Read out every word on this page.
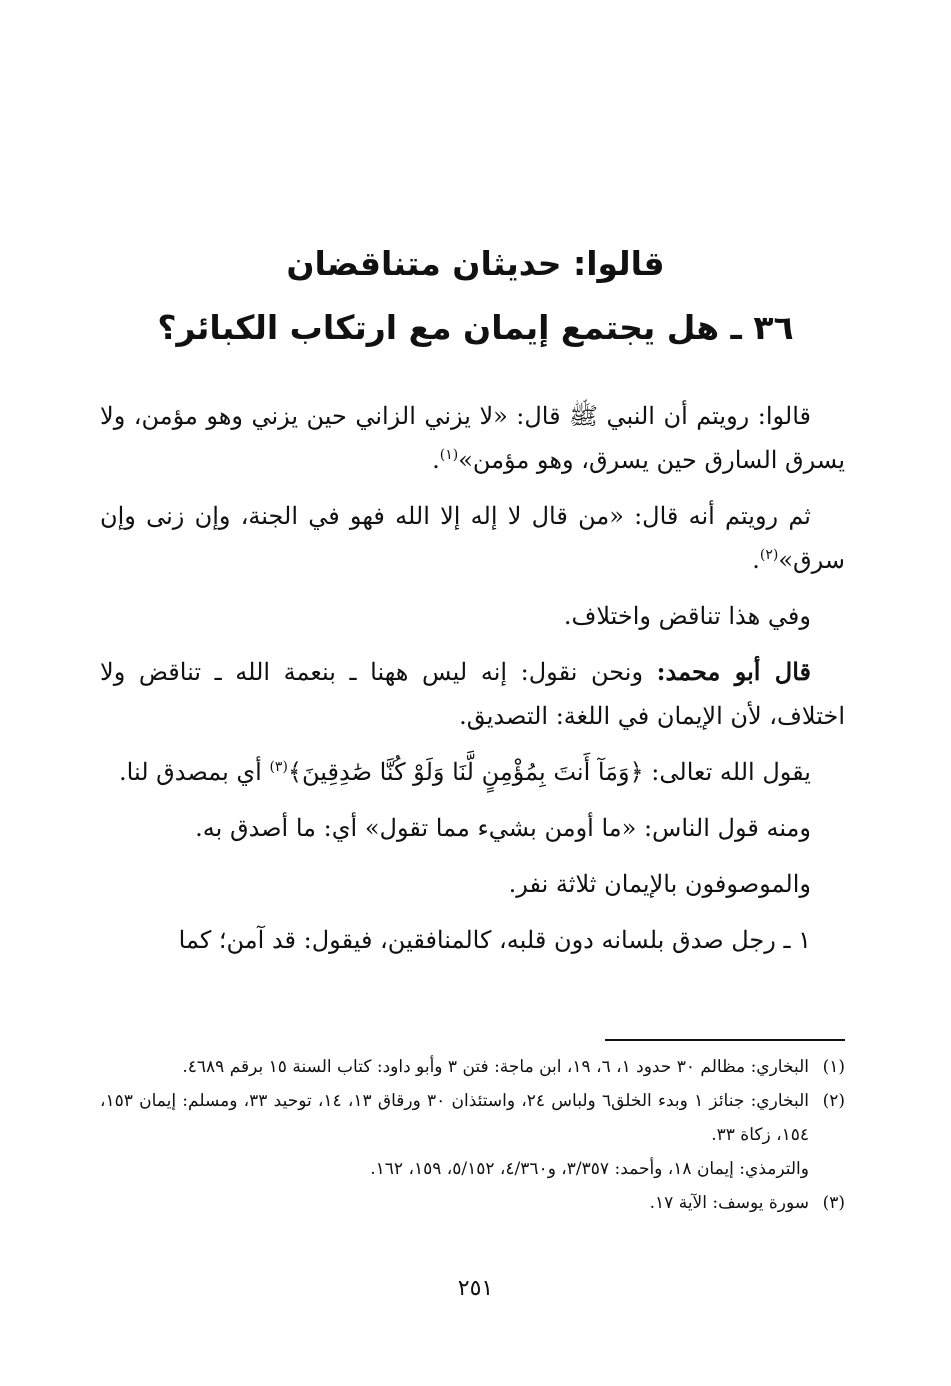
قالوا: حديثان متناقضان
٣٦ ـ هل يجتمع إيمان مع ارتكاب الكبائر؟

قالوا: رويتم أن النبي ﷺ قال: «لا يزني الزاني حين يزني وهو مؤمن، ولا يسرق السارق حين يسرق، وهو مؤمن»$^{(١)}$.

ثم رويتم أنه قال: «من قال لا إله إلا الله فهو في الجنة، وإن زنى وإن سرق»$^{(٢)}$.

وفي هذا تناقض واختلاف.

قال أبو محمد: ونحن نقول: إنه ليس ههنا ـ بنعمة الله ـ تناقض ولا اختلاف، لأن الإيمان في اللغة: التصديق.

يقول الله تعالى: ﴿وَمَآ أَنتَ بِمُؤْمِنٍ لَّنَا وَلَوْ كُنَّا صَٰدِقِينَ﴾$^{(٣)}$ أي بمصدق لنا.

ومنه قول الناس: «ما أومن بشيء مما تقول» أي: ما أصدق به.

والموصوفون بالإيمان ثلاثة نفر.

١ ـ رجل صدق بلسانه دون قلبه، كالمنافقين، فيقول: قد آمن؛ كما

(١)
البخاري: مظالم ٣٠ حدود ١، ٦، ١٩، ابن ماجة: فتن ٣ وأبو داود: كتاب السنة ١٥ برقم ٤٦٨٩.
(٢)
البخاري: جنائز ١ وبدء الخلق٦ ولباس ٢٤، واستئذان ٣٠ ورقاق ١٣، ١٤، توحيد ٣٣، ومسلم: إيمان ١٥٣، ١٥٤، زكاة ٣٣.
والترمذي: إيمان ١٨، وأحمد: ٣/٣٥٧، و٤/٣٦٠، ٥/١٥٢، ١٥٩، ١٦٢.
(٣)
سورة يوسف: الآية ١٧.
٢٥١
